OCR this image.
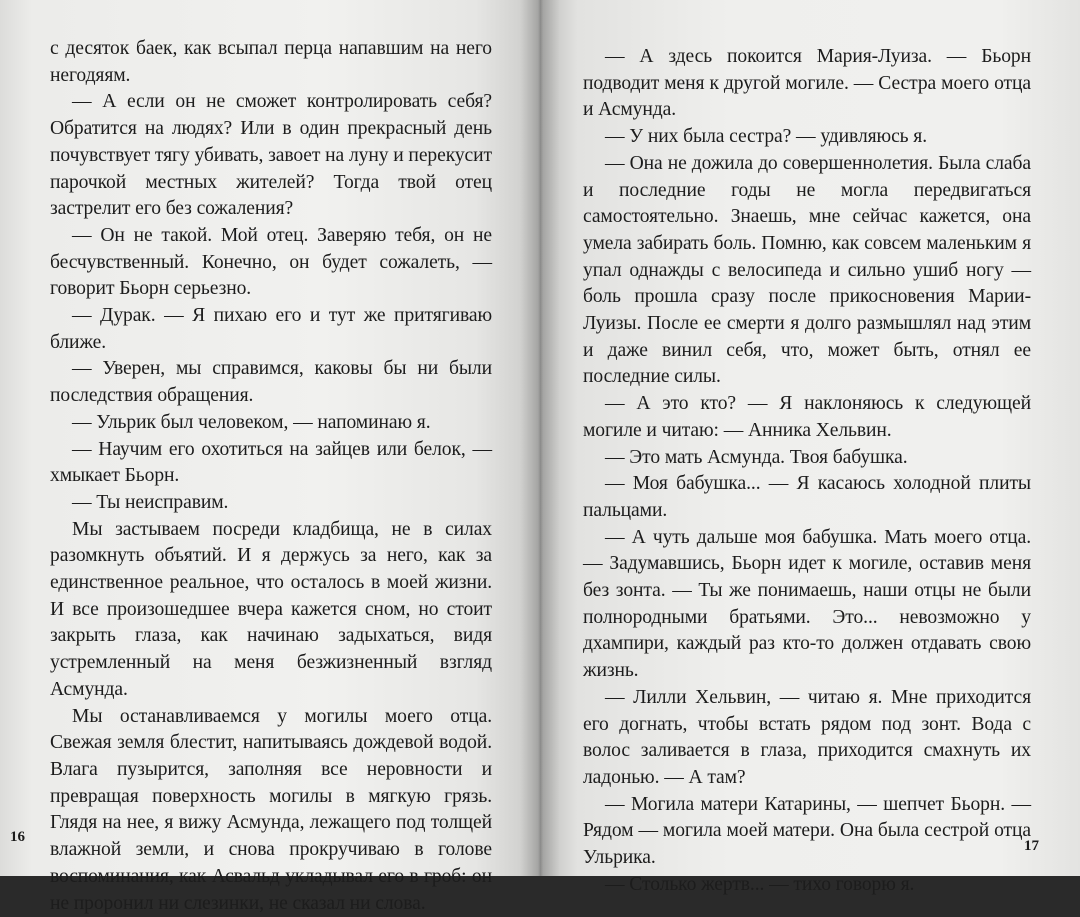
с десяток баек, как всыпал перца напавшим на него негодяям.

— А если он не сможет контролировать себя? Обратится на людях? Или в один прекрасный день почувствует тягу убивать, завоет на луну и перекусит парочкой местных жителей? Тогда твой отец застрелит его без сожаления?

— Он не такой. Мой отец. Заверяю тебя, он не бесчувственный. Конечно, он будет сожалеть, — говорит Бьорн серьезно.

— Дурак. — Я пихаю его и тут же притягиваю ближе.

— Уверен, мы справимся, каковы бы ни были последствия обращения.

— Ульрик был человеком, — напоминаю я.

— Научим его охотиться на зайцев или белок, — хмыкает Бьорн.

— Ты неисправим.

Мы застываем посреди кладбища, не в силах разомкнуть объятий. И я держусь за него, как за единственное реальное, что осталось в моей жизни. И все произошедшее вчера кажется сном, но стоит закрыть глаза, как начинаю задыхаться, видя устремленный на меня безжизненный взгляд Асмунда.

Мы останавливаемся у могилы моего отца. Свежая земля блестит, напитываясь дождевой водой. Влага пузырится, заполняя все неровности и превращая поверхность могилы в мягкую грязь. Глядя на нее, я вижу Асмунда, лежащего под толщей влажной земли, и снова прокручиваю в голове воспоминания, как Асвальд укладывал его в гроб: он не проронил ни слезинки, не сказал ни слова.

16

— А здесь покоится Мария-Луиза. — Бьорн подводит меня к другой могиле. — Сестра моего отца и Асмунда.

— У них была сестра? — удивляюсь я.

— Она не дожила до совершеннолетия. Была слаба и последние годы не могла передвигаться самостоятельно. Знаешь, мне сейчас кажется, она умела забирать боль. Помню, как совсем маленьким я упал однажды с велосипеда и сильно ушиб ногу — боль прошла сразу после прикосновения Марии-Луизы. После ее смерти я долго размышлял над этим и даже винил себя, что, может быть, отнял ее последние силы.

— А это кто? — Я наклоняюсь к следующей могиле и читаю: — Анника Хельвин.

— Это мать Асмунда. Твоя бабушка.

— Моя бабушка... — Я касаюсь холодной плиты пальцами.

— А чуть дальше моя бабушка. Мать моего отца. — Задумавшись, Бьорн идет к могиле, оставив меня без зонта. — Ты же понимаешь, наши отцы не были полнородными братьями. Это... невозможно у дхампири, каждый раз кто-то должен отдавать свою жизнь.

— Лилли Хельвин, — читаю я. Мне приходится его догнать, чтобы встать рядом под зонт. Вода с волос заливается в глаза, приходится смахнуть их ладонью. — А там?

— Могила матери Катарины, — шепчет Бьорн. — Рядом — могила моей матери. Она была сестрой отца Ульрика.

— Столько жертв... — тихо говорю я.

17
